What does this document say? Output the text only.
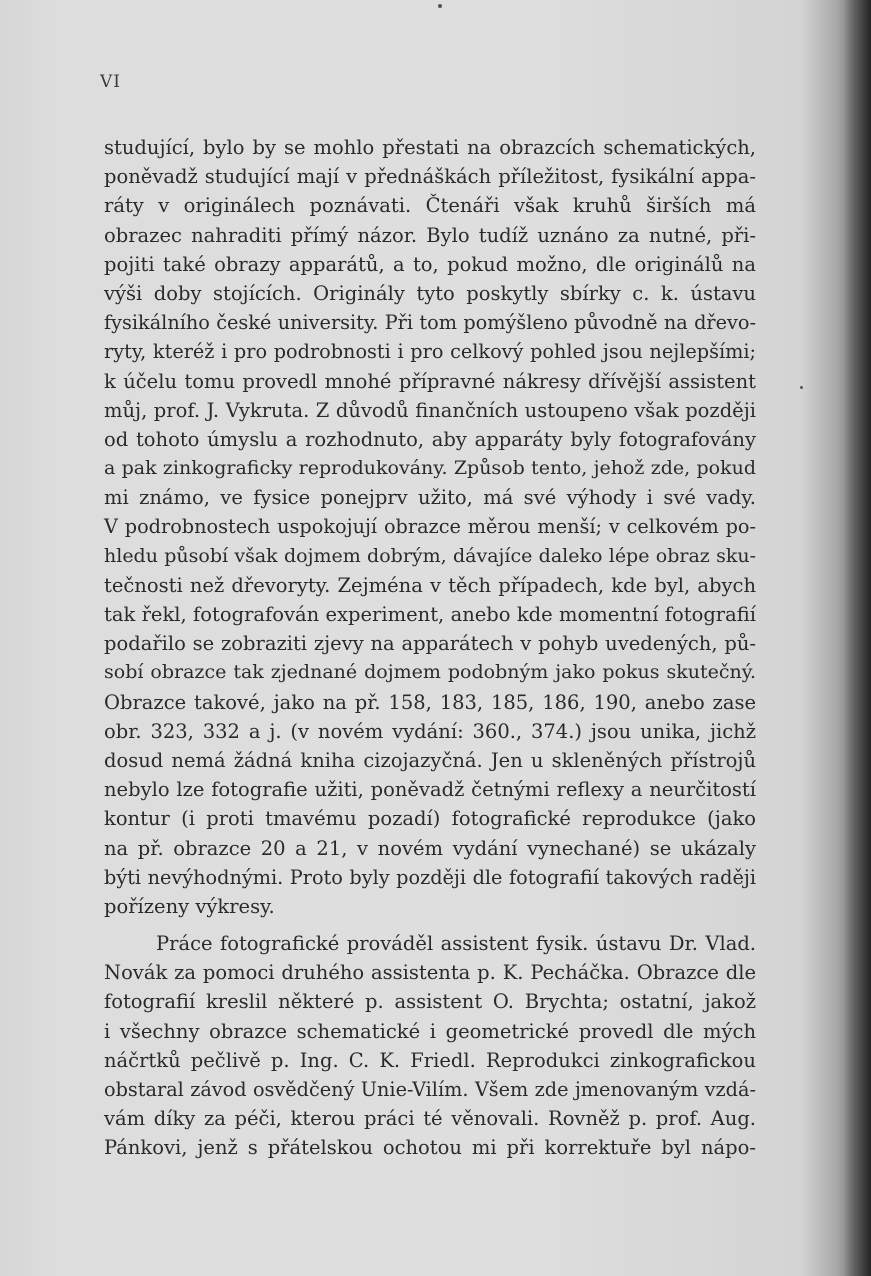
VI
studující, bylo by se mohlo přestati na obrazcích schematických,
poněvadž studující mají v přednáškách příležitost, fysikální appa-
ráty v originálech poznávati. Čtenáři však kruhů širších má
obrazec nahraditi přímý názor. Bylo tudíž uznáno za nutné, při-
pojiti také obrazy apparátů, a to, pokud možno, dle originálů na
výši doby stojících. Originály tyto poskytly sbírky c. k. ústavu
fysikálního české university. Při tom pomýšleno původně na dřevo-
ryty, kteréž i pro podrobnosti i pro celkový pohled jsou nejlepšími;
k účelu tomu provedl mnohé přípravné nákresy dřívější assistent
můj, prof. J. Vykruta. Z důvodů finančních ustoupeno však později
od tohoto úmyslu a rozhodnuto, aby apparáty byly fotografovány
a pak zinkograficky reprodukovány. Způsob tento, jehož zde, pokud
mi známo, ve fysice ponejprv užito, má své výhody i své vady.
V podrobnostech uspokojují obrazce měrou menší; v celkovém po-
hledu působí však dojmem dobrým, dávajíce daleko lépe obraz sku-
tečnosti než dřevoryty. Zejména v těch případech, kde byl, abych
tak řekl, fotografován experiment, anebo kde momentní fotografií
podařilo se zobraziti zjevy na apparátech v pohyb uvedených, pů-
sobí obrazce tak zjednané dojmem podobným jako pokus skutečný.
Obrazce takové, jako na př. 158, 183, 185, 186, 190, anebo zase
obr. 323, 332 a j. (v novém vydání: 360., 374.) jsou unika, jichž
dosud nemá žádná kniha cizojazyčná. Jen u skleněných přístrojů
nebylo lze fotografie užiti, poněvadž četnými reflexy a neurčitostí
kontur (i proti tmavému pozadí) fotografické reprodukce (jako
na př. obrazce 20 a 21, v novém vydání vynechané) se ukázaly
býti nevýhodnými. Proto byly později dle fotografií takových raději
pořízeny výkresy.
Práce fotografické prováděl assistent fysik. ústavu Dr. Vlad.
Novák za pomoci druhého assistenta p. K. Pecháčka. Obrazce dle
fotografií kreslil některé p. assistent O. Brychta; ostatní, jakož
i všechny obrazce schematické i geometrické provedl dle mých
náčrtků pečlivě p. Ing. C. K. Friedl. Reprodukci zinkografickou
obstaral závod osvědčený Unie-Vilím. Všem zde jmenovaným vzdá-
vám díky za péči, kterou práci té věnovali. Rovněž p. prof. Aug.
Pánkovi, jenž s přátelskou ochotou mi při korrektuře byl nápo-
